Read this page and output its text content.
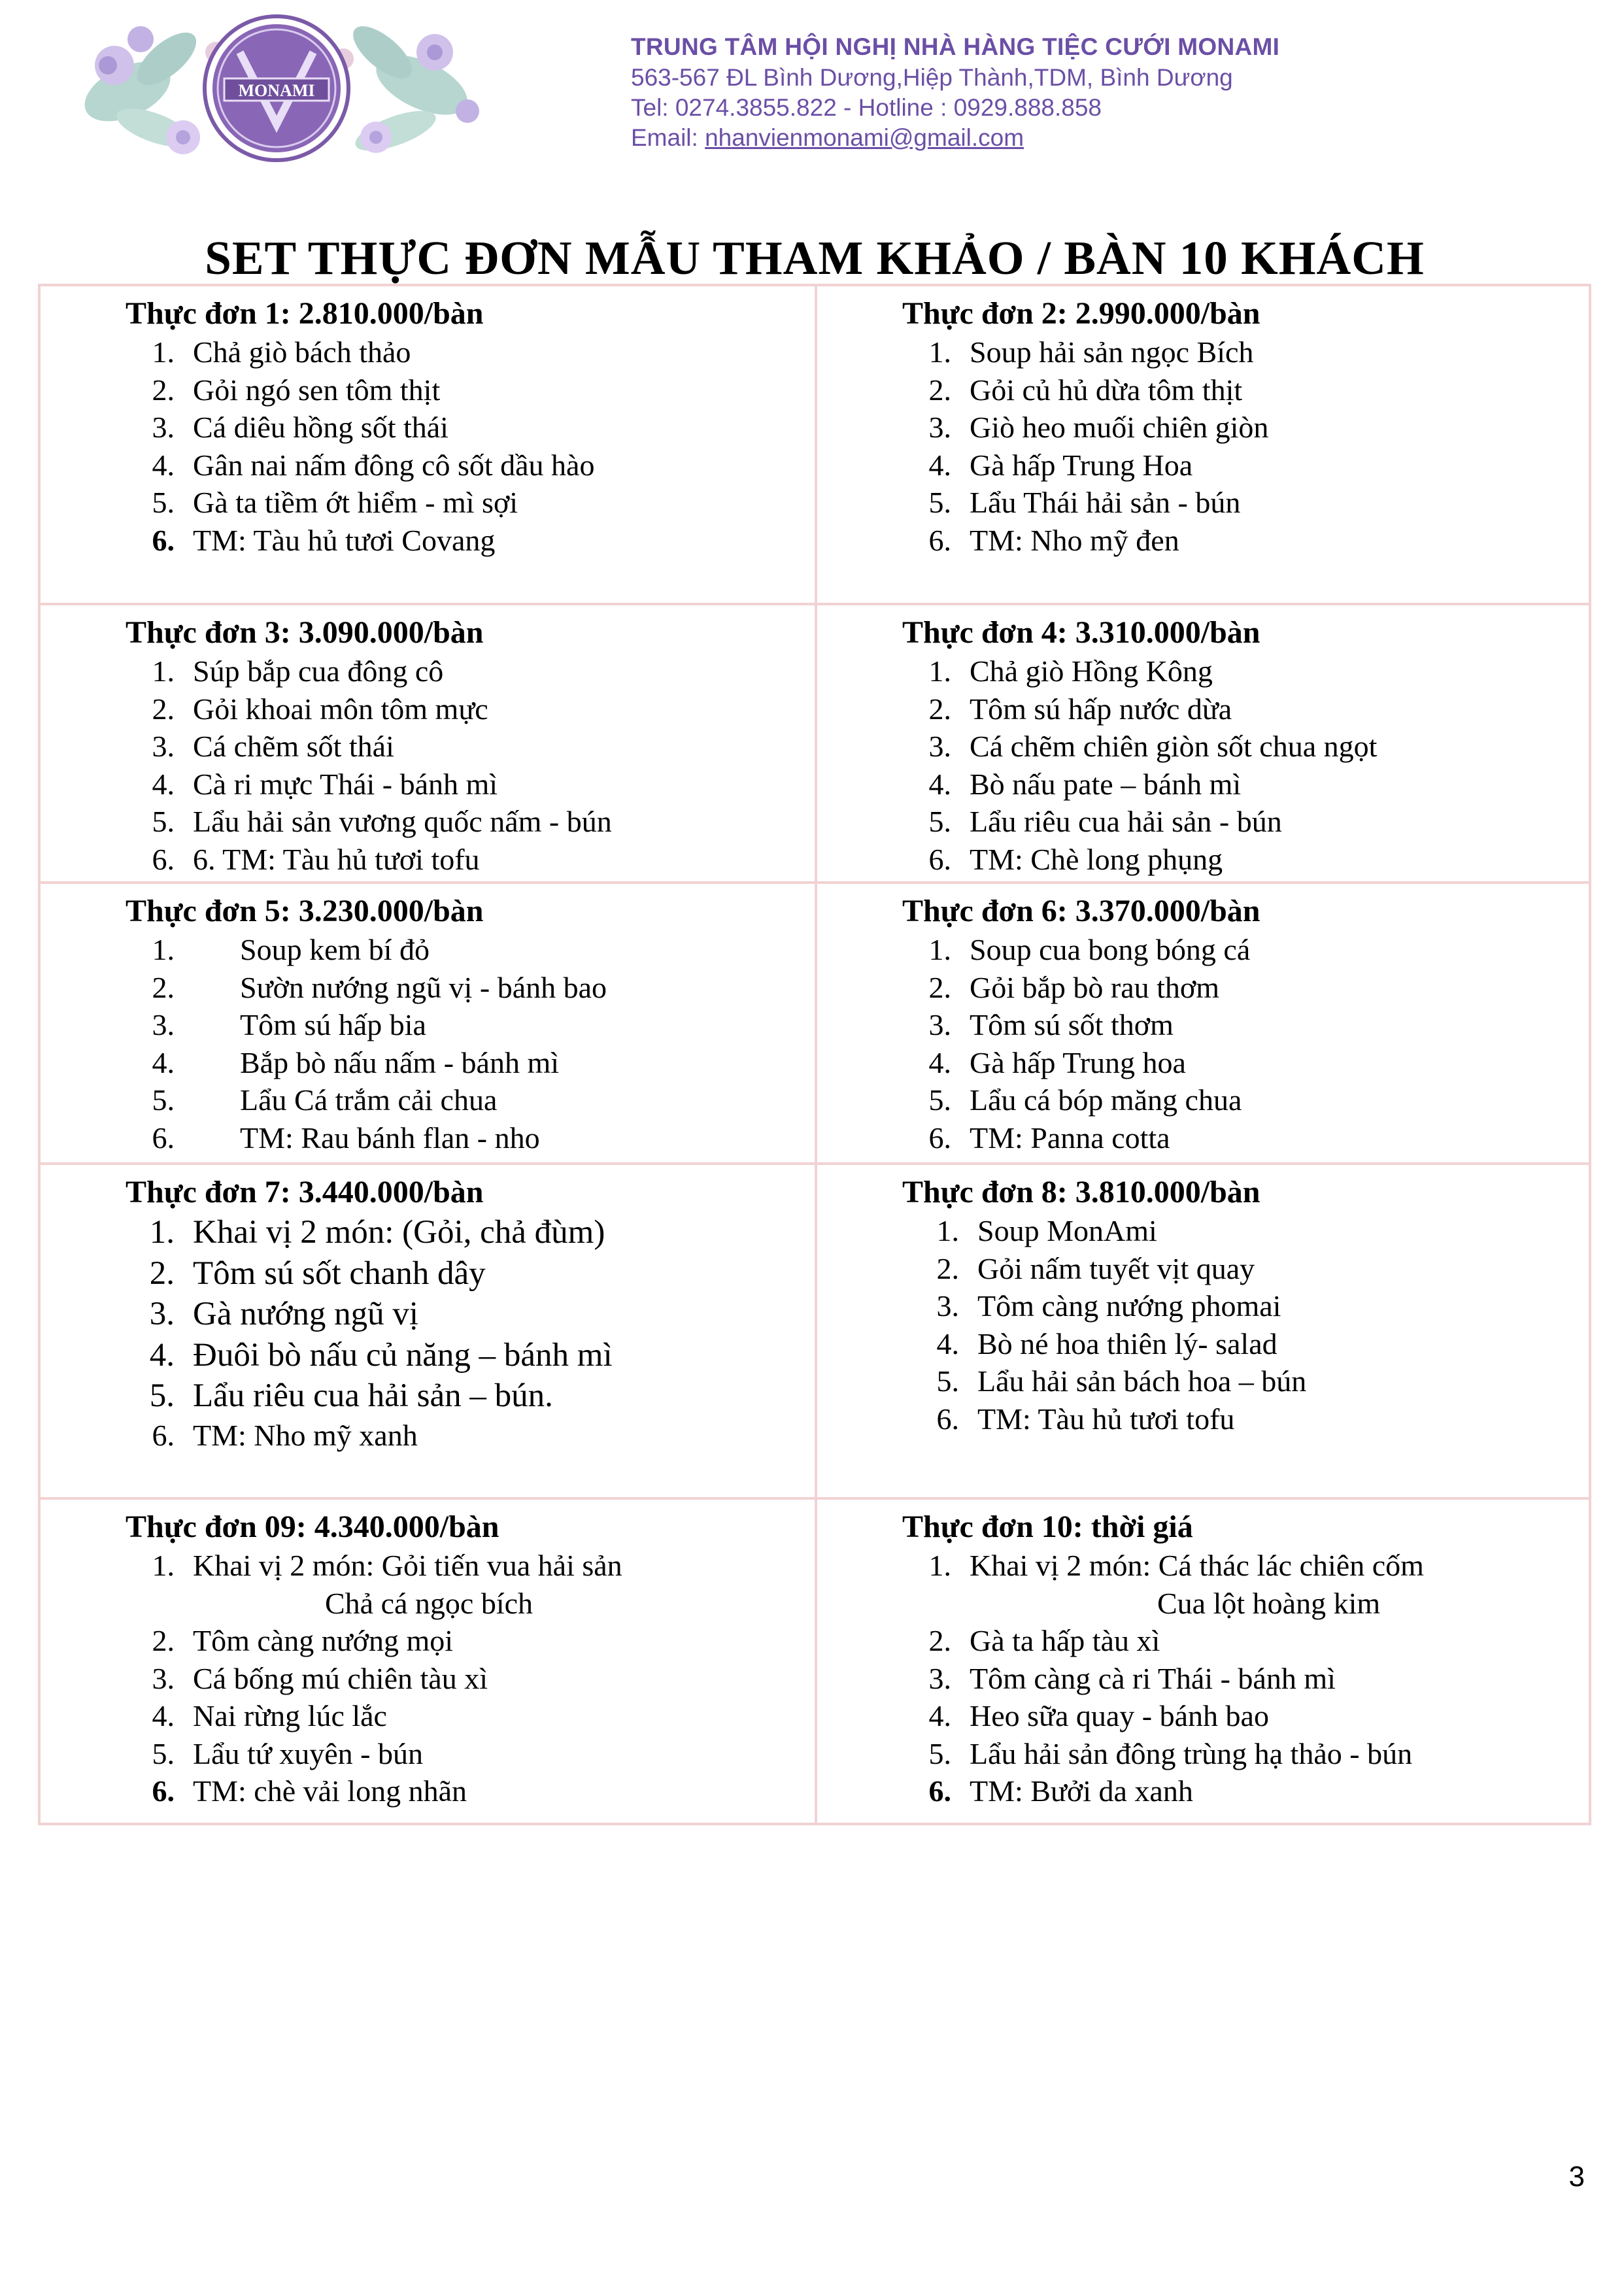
MONAMI
TRUNG TÂM HỘI NGHỊ NHÀ HÀNG TIỆC CƯỚI MONAMI
563-567 ĐL Bình Dương,Hiệp Thành,TDM, Bình Dương
Tel: 0274.3855.822 - Hotline : 0929.888.858
Email: nhanvienmonami@gmail.com
SET THỰC ĐƠN MẪU THAM KHẢO / BÀN 10 KHÁCH
Thực đơn 1: 2.810.000/bàn
1. Chả giò bách thảo
2. Gỏi ngó sen tôm thịt
3. Cá diêu hồng sốt thái
4. Gân nai nấm đông cô sốt dầu hào
5. Gà ta tiềm ớt hiểm - mì sợi
6. TM: Tàu hủ tươi Covang
Thực đơn 2: 2.990.000/bàn
1. Soup hải sản ngọc Bích
2. Gỏi củ hủ dừa tôm thịt
3. Giò heo muối chiên giòn
4. Gà hấp Trung Hoa
5. Lẩu Thái hải sản - bún
6. TM: Nho mỹ đen
Thực đơn 3: 3.090.000/bàn
1. Súp bắp cua đông cô
2. Gỏi khoai môn tôm mực
3. Cá chẽm sốt thái
4. Cà ri mực Thái - bánh mì
5. Lẩu hải sản vương quốc nấm - bún
6. 6. TM: Tàu hủ tươi tofu
Thực đơn 4: 3.310.000/bàn
1. Chả giò Hồng Kông
2. Tôm sú hấp nước dừa
3. Cá chẽm chiên giòn sốt chua ngọt
4. Bò nấu pate – bánh mì
5. Lẩu riêu cua hải sản - bún
6. TM: Chè long phụng
Thực đơn 5: 3.230.000/bàn
1. Soup kem bí đỏ
2. Sườn nướng ngũ vị - bánh bao
3. Tôm sú hấp bia
4. Bắp bò nấu nấm - bánh mì
5. Lẩu Cá trắm cải chua
6. TM: Rau bánh flan - nho
Thực đơn 6: 3.370.000/bàn
1. Soup cua bong bóng cá
2. Gỏi bắp bò rau thơm
3. Tôm sú sốt thơm
4. Gà hấp Trung hoa
5. Lẩu cá bóp măng chua
6. TM: Panna cotta
Thực đơn 7: 3.440.000/bàn
1. Khai vị 2 món: (Gỏi, chả đùm)
2. Tôm sú sốt chanh dây
3. Gà nướng ngũ vị
4. Đuôi bò nấu củ năng – bánh mì
5. Lẩu riêu cua hải sản – bún.
6. TM: Nho mỹ xanh
Thực đơn 8: 3.810.000/bàn
1. Soup MonAmi
2. Gỏi nấm tuyết vịt quay
3. Tôm càng nướng phomai
4. Bò né hoa thiên lý- salad
5. Lẩu hải sản bách hoa – bún
6. TM: Tàu hủ tươi tofu
Thực đơn 09: 4.340.000/bàn
1. Khai vị 2 món: Gỏi tiến vua hải sản
Chả cá ngọc bích
2. Tôm càng nướng mọi
3. Cá bống mú chiên tàu xì
4. Nai rừng lúc lắc
5. Lẩu tứ xuyên - bún
6. TM: chè vải long nhãn
Thực đơn 10: thời giá
1. Khai vị 2 món: Cá thác lác chiên cốm
Cua lột hoàng kim
2. Gà ta hấp tàu xì
3. Tôm càng cà ri Thái - bánh mì
4. Heo sữa quay - bánh bao
5. Lẩu hải sản đông trùng hạ thảo - bún
6. TM: Bưởi da xanh
3
